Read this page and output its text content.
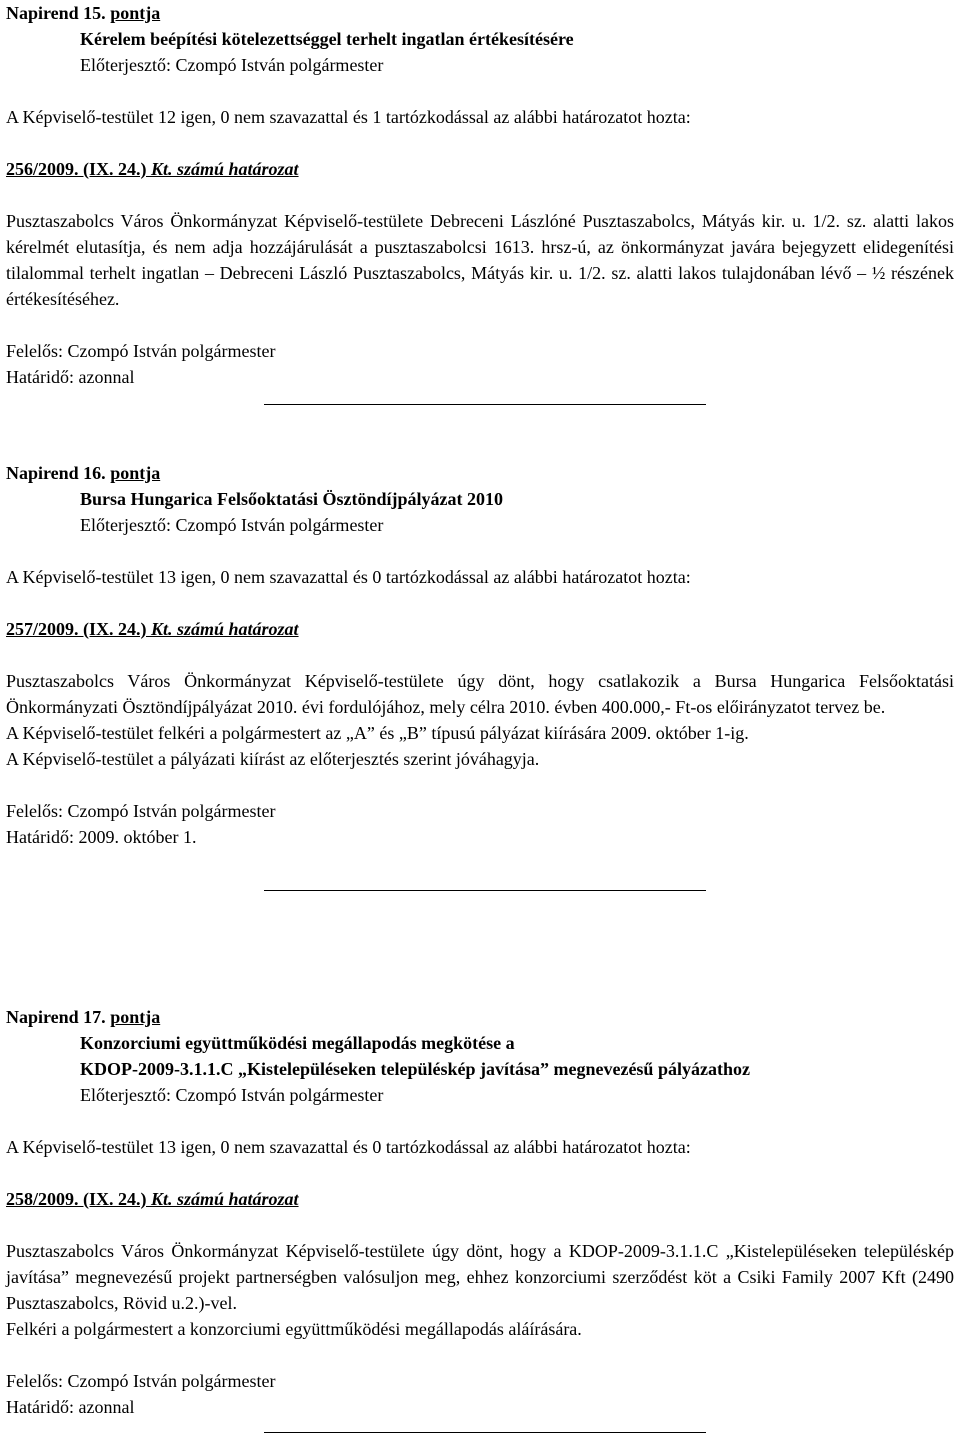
Napirend 15. pontja

Kérelem beépítési kötelezettséggel terhelt ingatlan értékesítésére

Előterjesztő: Czompó István polgármester

A Képviselő-testület 12 igen, 0 nem szavazattal és 1 tartózkodással az alábbi határozatot hozta:

256/2009. (IX. 24.) Kt. számú határozat

Pusztaszabolcs Város Önkormányzat Képviselő-testülete Debreceni Lászlóné Pusztaszabolcs, Mátyás kir. u. 1/2. sz. alatti lakos kérelmét elutasítja, és nem adja hozzájárulását a pusztaszabolcsi 1613. hrsz-ú, az önkormányzat javára bejegyzett elidegenítési tilalommal terhelt ingatlan – Debreceni László Pusztaszabolcs, Mátyás kir. u. 1/2. sz. alatti lakos tulajdonában lévő – ½ részének értékesítéséhez.

Felelős: Czompó István polgármester

Határidő: azonnal

Napirend 16. pontja

Bursa Hungarica Felsőoktatási Ösztöndíjpályázat 2010

Előterjesztő: Czompó István polgármester

A Képviselő-testület 13 igen, 0 nem szavazattal és 0 tartózkodással az alábbi határozatot hozta:

257/2009. (IX. 24.) Kt. számú határozat

Pusztaszabolcs Város Önkormányzat Képviselő-testülete úgy dönt, hogy csatlakozik a Bursa Hungarica Felsőoktatási Önkormányzati Ösztöndíjpályázat 2010. évi fordulójához, mely célra 2010. évben 400.000,- Ft-os előirányzatot tervez be.

A Képviselő-testület felkéri a polgármestert az „A” és „B” típusú pályázat kiírására 2009. október 1-ig.

A Képviselő-testület a pályázati kiírást az előterjesztés szerint jóváhagyja.

Felelős: Czompó István polgármester

Határidő: 2009. október 1.

Napirend 17. pontja

Konzorciumi együttműködési megállapodás megkötése a

KDOP-2009-3.1.1.C „Kistelepüléseken településkép javítása” megnevezésű pályázathoz

Előterjesztő: Czompó István polgármester

A Képviselő-testület 13 igen, 0 nem szavazattal és 0 tartózkodással az alábbi határozatot hozta:

258/2009. (IX. 24.) Kt. számú határozat

Pusztaszabolcs Város Önkormányzat Képviselő-testülete úgy dönt, hogy a KDOP-2009-3.1.1.C „Kistelepüléseken településkép javítása” megnevezésű projekt partnerségben valósuljon meg, ehhez konzorciumi szerződést köt a Csiki Family 2007 Kft (2490 Pusztaszabolcs, Rövid u.2.)-vel.

Felkéri a polgármestert a konzorciumi együttműködési megállapodás aláírására.

Felelős: Czompó István polgármester

Határidő: azonnal
